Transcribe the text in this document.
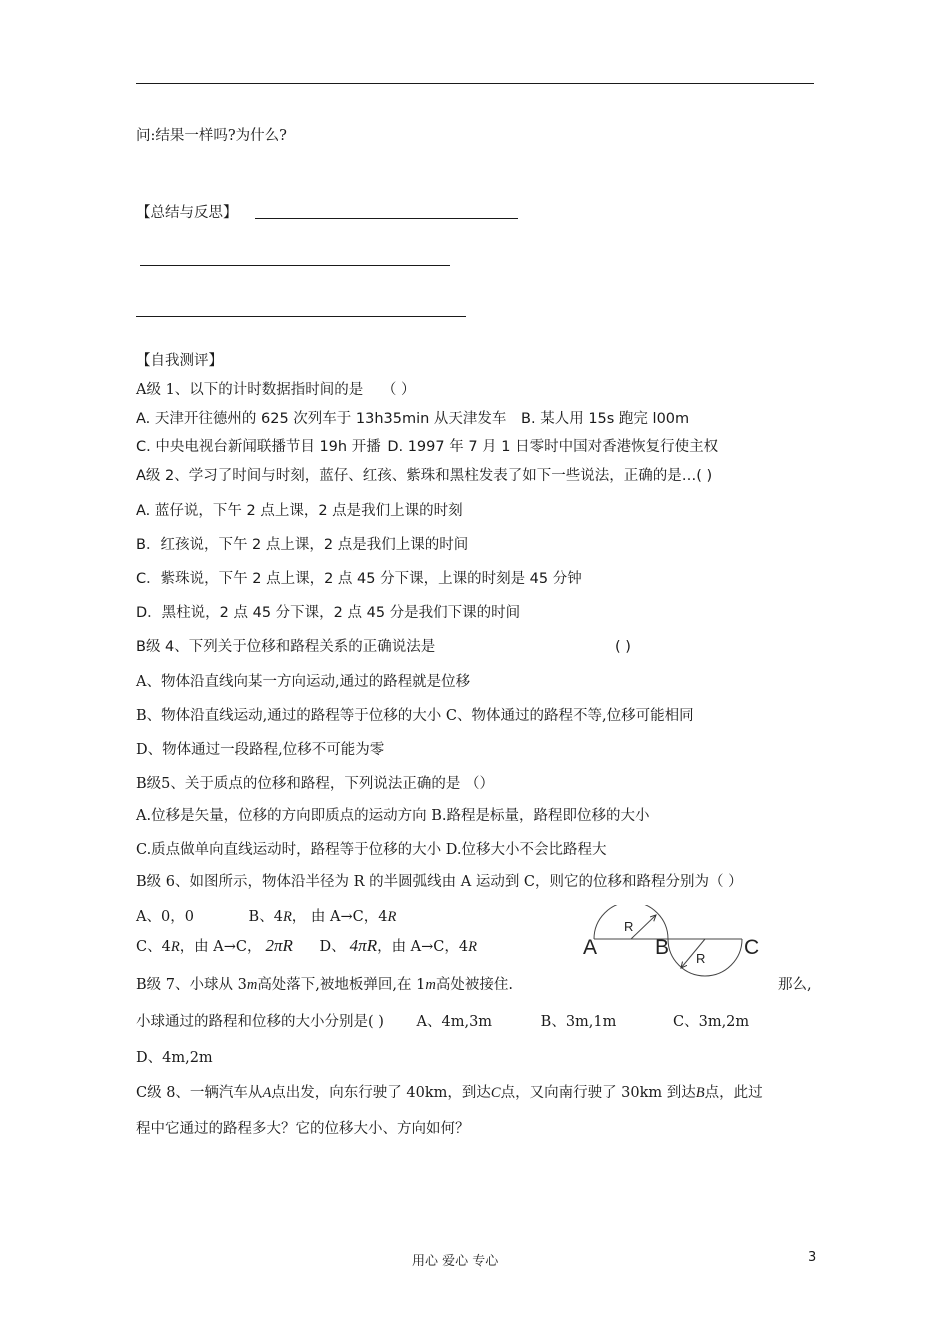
问:结果一样吗?为什么?
【总结与反思】
【自我测评】
A级 1、以下的计时数据指时间的是 （ ）
A. 天津开往德州的 625 次列车于 13h35min 从天津发车 B. 某人用 15s 跑完 l00m
C. 中央电视台新闻联播节目 19h 开播 D. 1997 年 7 月 1 日零时中国对香港恢复行使主权
A级 2、学习了时间与时刻，蓝仔、红孩、紫珠和黑柱发表了如下一些说法，正确的是…( )
A. 蓝仔说，下午 2 点上课，2 点是我们上课的时刻
B．红孩说，下午 2 点上课，2 点是我们上课的时间
C．紫珠说，下午 2 点上课，2 点 45 分下课，上课的时刻是 45 分钟
D．黑柱说，2 点 45 分下课，2 点 45 分是我们下课的时间
B级 4、下列关于位移和路程关系的正确说法是	( )
A、物体沿直线向某一方向运动,通过的路程就是位移
B、物体沿直线运动,通过的路程等于位移的大小 C、物体通过的路程不等,位移可能相同
D、物体通过一段路程,位移不可能为零
B级5、关于质点的位移和路程，下列说法正确的是 （）
A.位移是矢量，位移的方向即质点的运动方向 B.路程是标量，路程即位移的大小
C.质点做单向直线运动时，路程等于位移的大小 D.位移大小不会比路程大
B级 6、如图所示，物体沿半径为 R 的半圆弧线由 A 运动到 C，则它的位移和路程分别为（ ）
A、0，0	B、4R， 由 A→C，4R
C、4R，由 A→C， 2πR D、 4πR，由 A→C，4R
R
R
A	B	C
B级 7、小球从 3m高处落下,被地板弹回,在 1m高处被接住.	那么,
小球通过的路程和位移的大小分别是( ) A、4m,3m	B、3m,1m	C、3m,2m
D、4m,2m
C级 8、一辆汽车从A点出发，向东行驶了 40km，到达C点，又向南行驶了 30km 到达B点，此过
程中它通过的路程多大？它的位移大小、方向如何？
用心 爱心 专心	3
